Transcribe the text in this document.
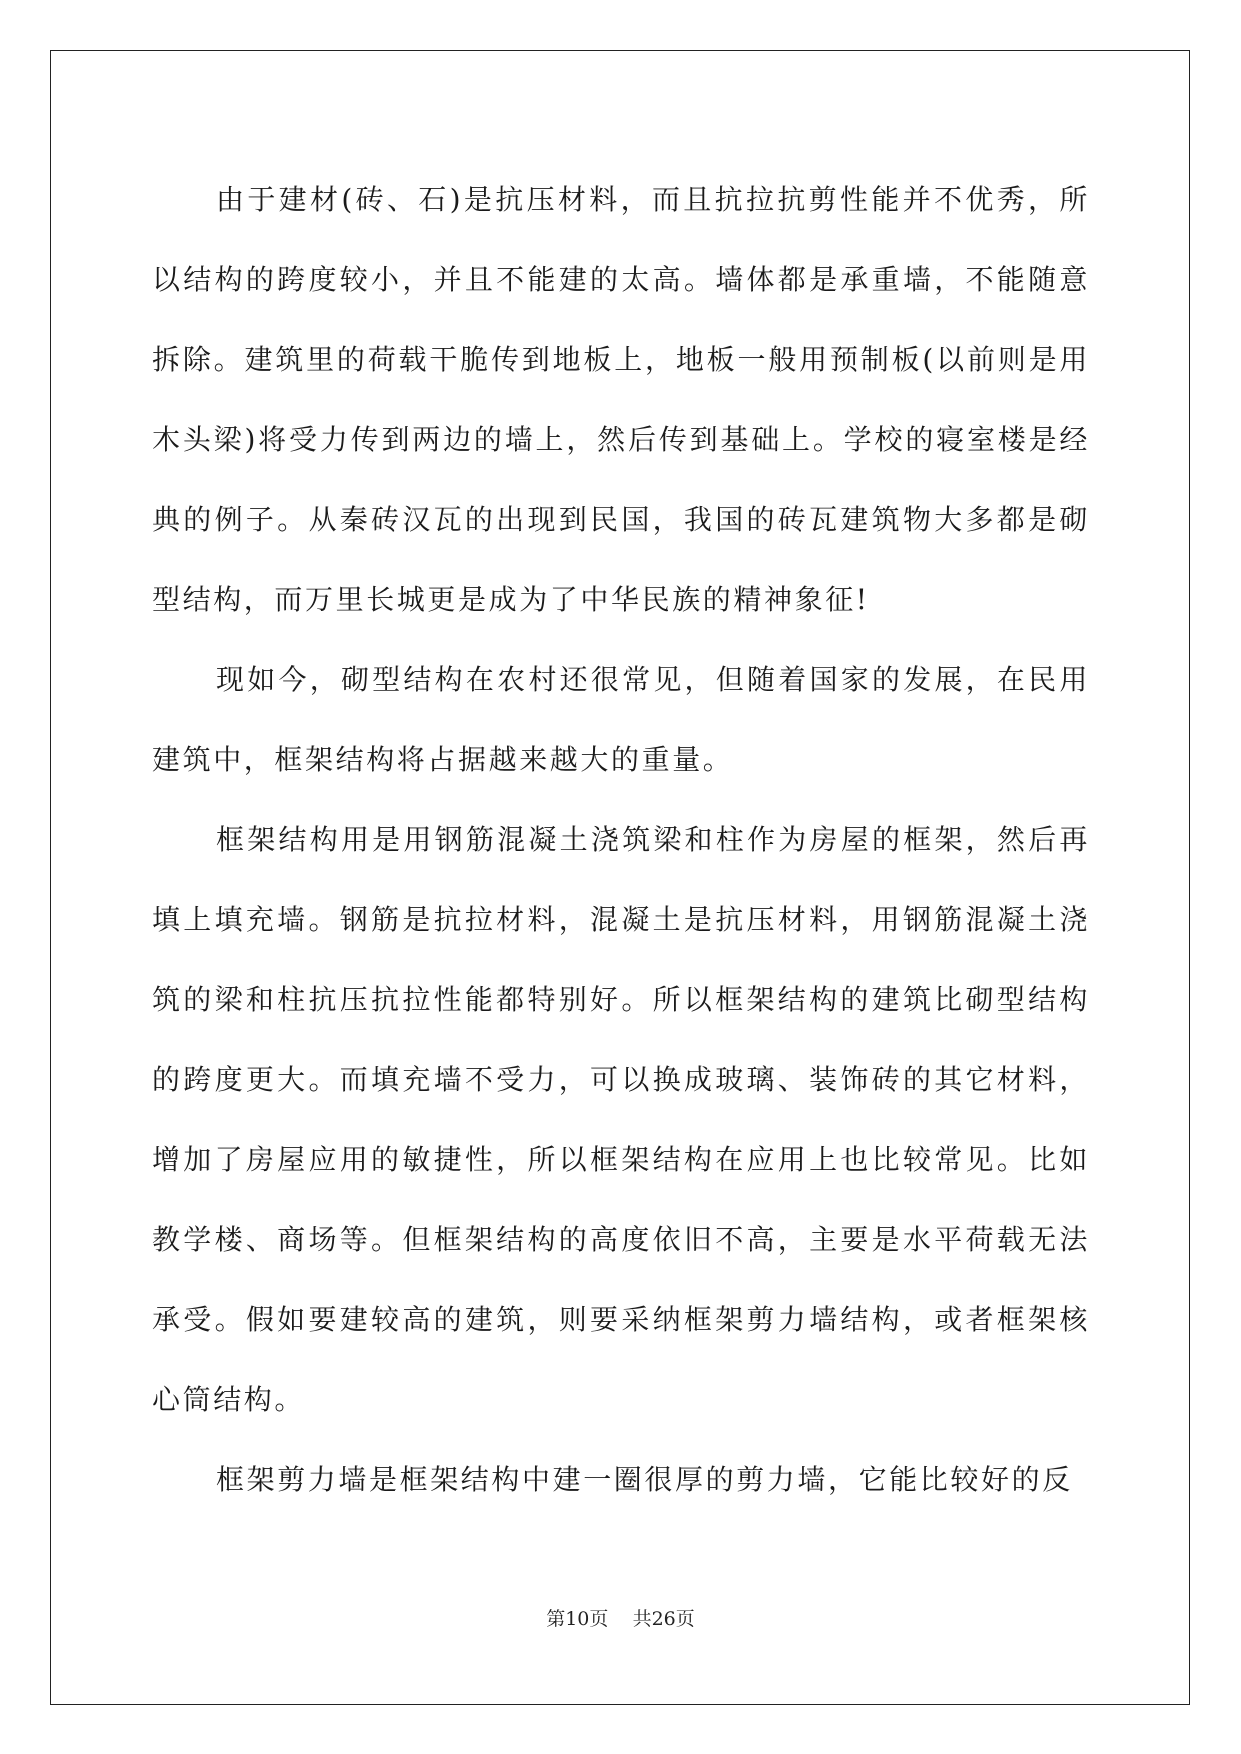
由于建材(砖、石)是抗压材料，而且抗拉抗剪性能并不优秀，所以结构的跨度较小，并且不能建的太高。墙体都是承重墙，不能随意拆除。建筑里的荷载干脆传到地板上，地板一般用预制板(以前则是用木头梁)将受力传到两边的墙上，然后传到基础上。学校的寝室楼是经典的例子。从秦砖汉瓦的出现到民国，我国的砖瓦建筑物大多都是砌型结构，而万里长城更是成为了中华民族的精神象征!

现如今，砌型结构在农村还很常见，但随着国家的发展，在民用建筑中，框架结构将占据越来越大的重量。

框架结构用是用钢筋混凝土浇筑梁和柱作为房屋的框架，然后再填上填充墙。钢筋是抗拉材料，混凝土是抗压材料，用钢筋混凝土浇筑的梁和柱抗压抗拉性能都特别好。所以框架结构的建筑比砌型结构的跨度更大。而填充墙不受力，可以换成玻璃、装饰砖的其它材料，增加了房屋应用的敏捷性，所以框架结构在应用上也比较常见。比如教学楼、商场等。但框架结构的高度依旧不高，主要是水平荷载无法承受。假如要建较高的建筑，则要采纳框架剪力墙结构，或者框架核心筒结构。

框架剪力墙是框架结构中建一圈很厚的剪力墙，它能比较好的反

第10页 共26页
